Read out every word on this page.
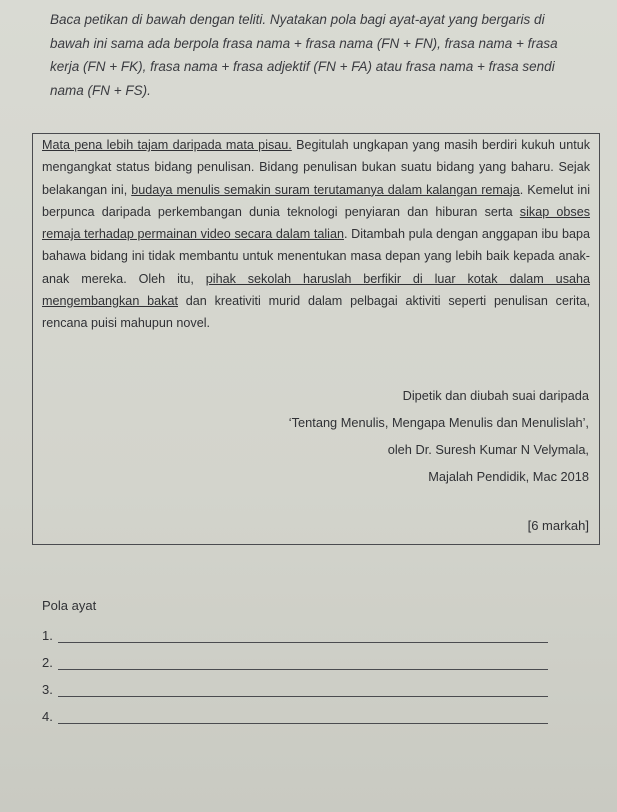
Baca petikan di bawah dengan teliti. Nyatakan pola bagi ayat-ayat yang bergaris di

bawah ini sama ada berpola frasa nama + frasa nama (FN + FN), frasa nama + frasa

kerja (FN + FK), frasa nama + frasa adjektif (FN + FA) atau frasa nama + frasa sendi

nama (FN + FS).

Mata pena lebih tajam daripada mata pisau. Begitulah ungkapan yang masih berdiri kukuh untuk mengangkat status bidang penulisan. Bidang penulisan bukan suatu bidang yang baharu. Sejak belakangan ini, budaya menulis semakin suram terutamanya dalam kalangan remaja. Kemelut ini berpunca daripada perkembangan dunia teknologi penyiaran dan hiburan serta sikap obses remaja terhadap permainan video secara dalam talian. Ditambah pula dengan anggapan ibu bapa bahawa bidang ini tidak membantu untuk menentukan masa depan yang lebih baik kepada anak-anak mereka. Oleh itu, pihak sekolah haruslah berfikir di luar kotak dalam usaha mengembangkan bakat dan kreativiti murid dalam pelbagai aktiviti seperti penulisan cerita, rencana puisi mahupun novel.
Dipetik dan diubah suai daripada
‘Tentang Menulis, Mengapa Menulis dan Menulislah’,
oleh Dr. Suresh Kumar N Velymala,
Majalah Pendidik, Mac 2018
[6 markah]
Pola ayat
1.
2.
3.
4.
